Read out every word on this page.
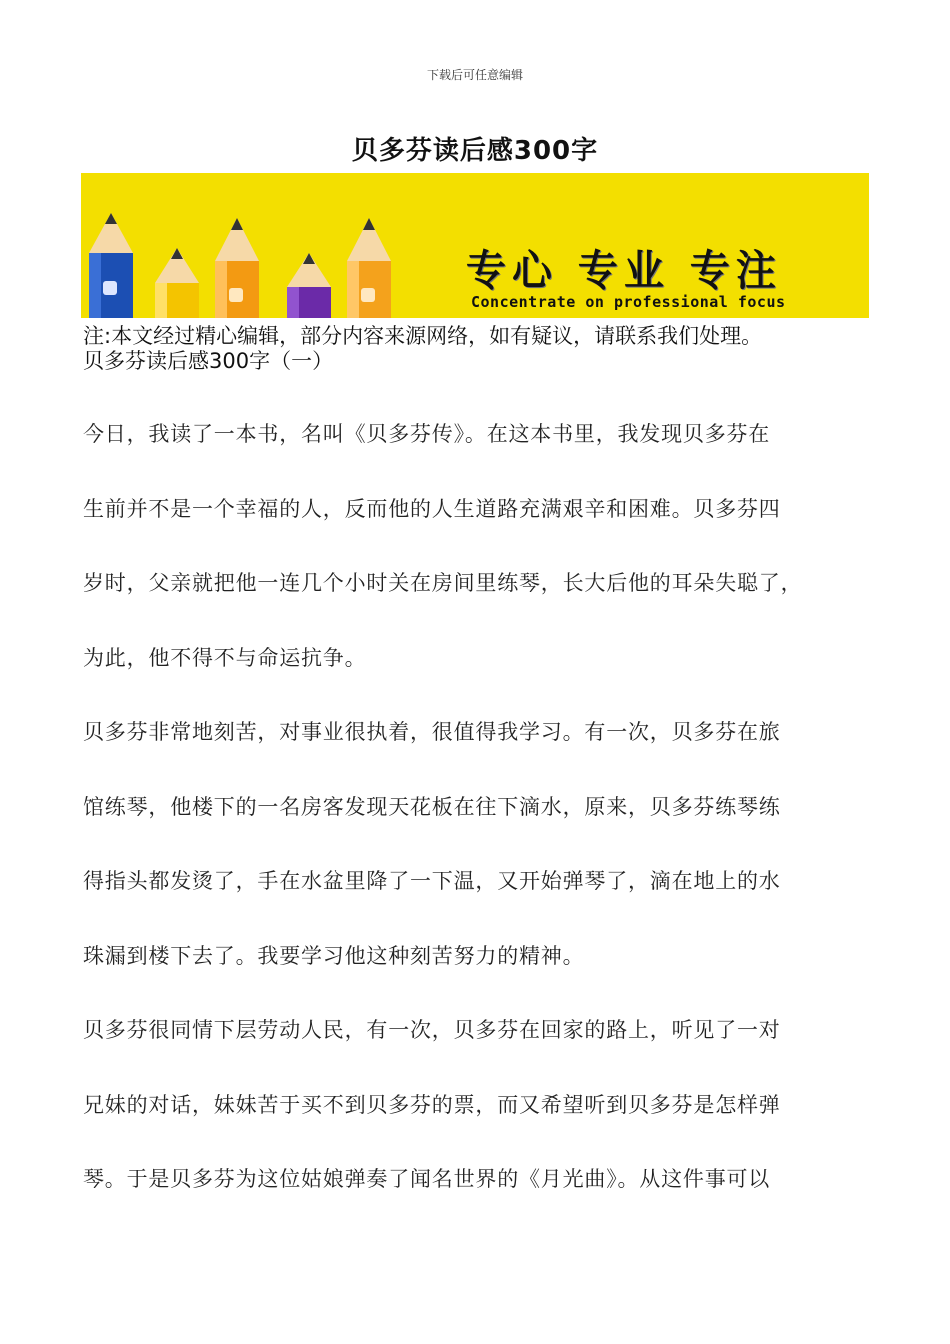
下载后可任意编辑
贝多芬读后感300字
专心 专业 专注
Concentrate on professional focus
注:本文经过精心编辑，部分内容来源网络，如有疑议，请联系我们处理。
贝多芬读后感300字（一）
今日，我读了一本书，名叫《贝多芬传》。在这本书里，我发现贝多芬在
生前并不是一个幸福的人，反而他的人生道路充满艰辛和困难。贝多芬四
岁时，父亲就把他一连几个小时关在房间里练琴，长大后他的耳朵失聪了，
为此，他不得不与命运抗争。
贝多芬非常地刻苦，对事业很执着，很值得我学习。有一次，贝多芬在旅
馆练琴，他楼下的一名房客发现天花板在往下滴水，原来，贝多芬练琴练
得指头都发烫了，手在水盆里降了一下温，又开始弹琴了，滴在地上的水
珠漏到楼下去了。我要学习他这种刻苦努力的精神。
贝多芬很同情下层劳动人民，有一次，贝多芬在回家的路上，听见了一对
兄妹的对话，妹妹苦于买不到贝多芬的票，而又希望听到贝多芬是怎样弹
琴。于是贝多芬为这位姑娘弹奏了闻名世界的《月光曲》。从这件事可以
